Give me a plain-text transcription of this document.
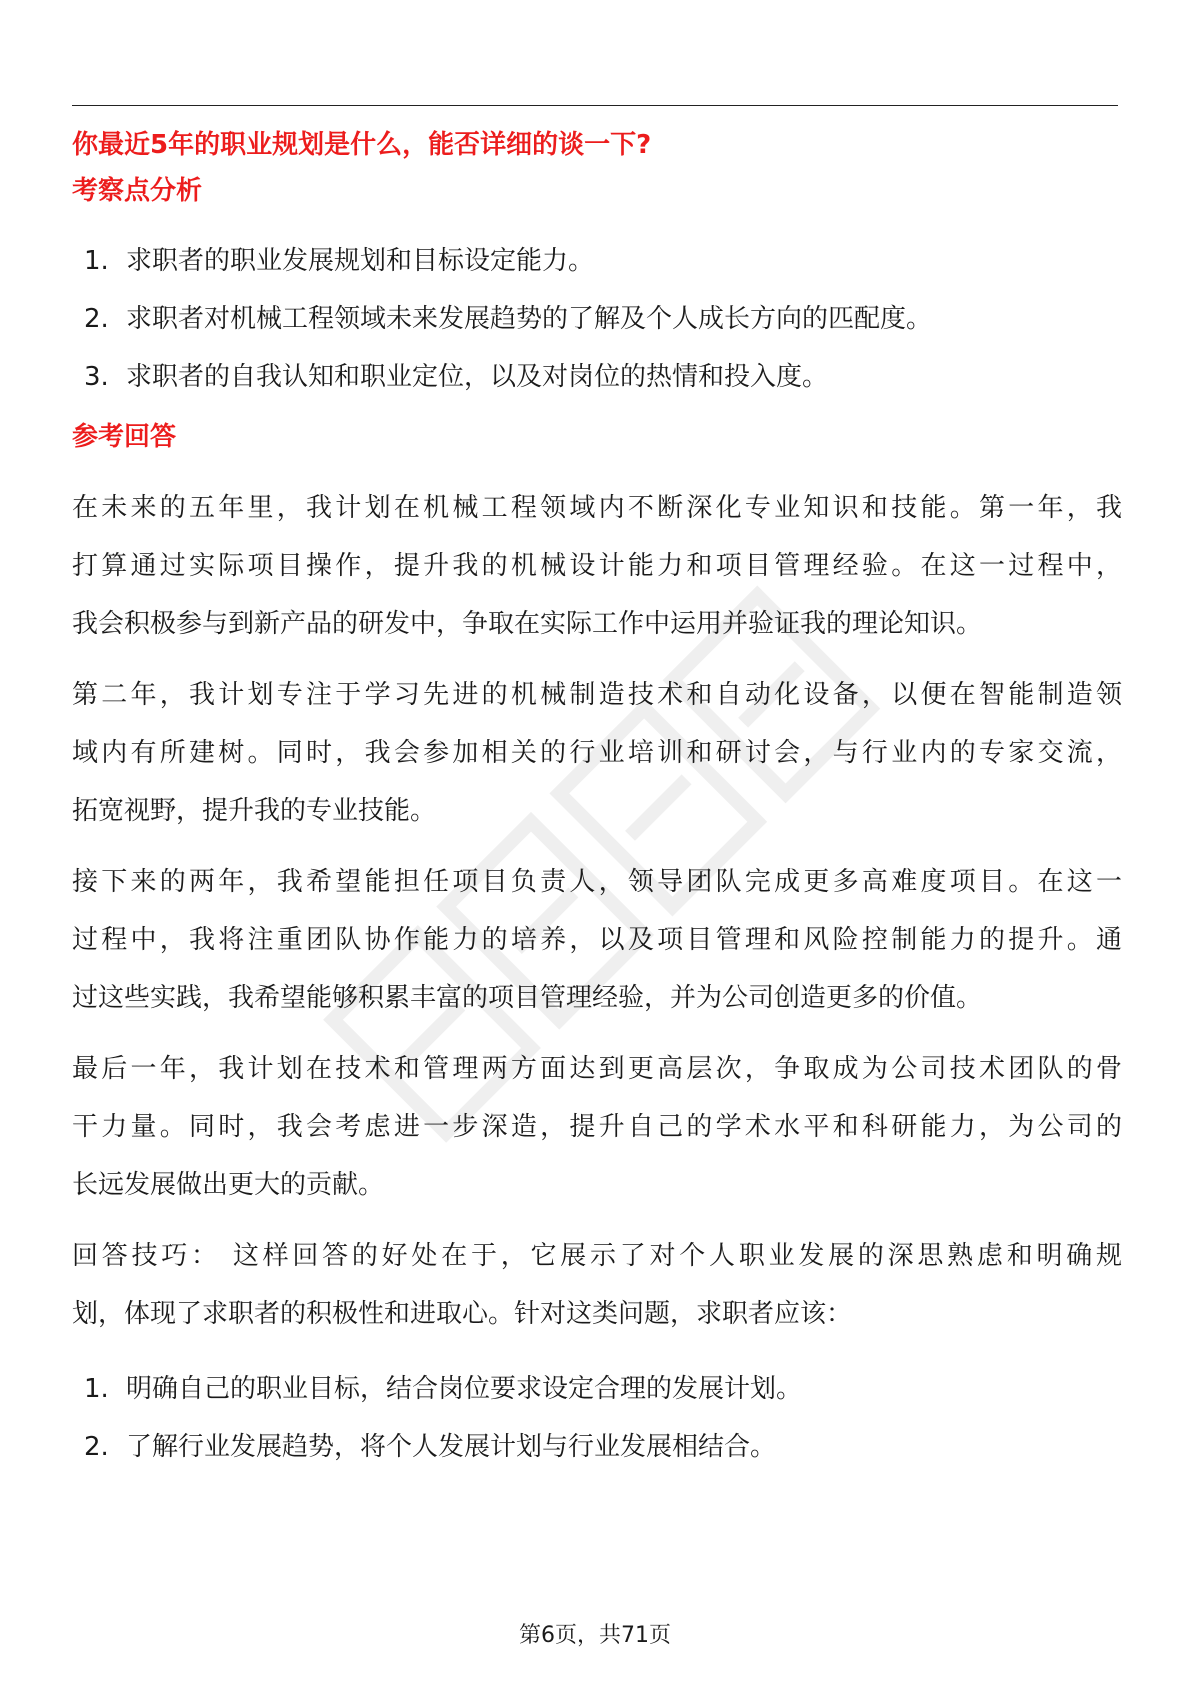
你最近5年的职业规划是什么，能否详细的谈一下?
考察点分析
1. 求职者的职业发展规划和目标设定能力。
2. 求职者对机械工程领域未来发展趋势的了解及个人成长方向的匹配度。
3. 求职者的自我认知和职业定位，以及对岗位的热情和投入度。
参考回答
在未来的五年里，我计划在机械工程领域内不断深化专业知识和技能。第一年，我
打算通过实际项目操作，提升我的机械设计能力和项目管理经验。在这一过程中，
我会积极参与到新产品的研发中，争取在实际工作中运用并验证我的理论知识。
第二年，我计划专注于学习先进的机械制造技术和自动化设备，以便在智能制造领
域内有所建树。同时，我会参加相关的行业培训和研讨会，与行业内的专家交流，
拓宽视野，提升我的专业技能。
接下来的两年，我希望能担任项目负责人，领导团队完成更多高难度项目。在这一
过程中，我将注重团队协作能力的培养，以及项目管理和风险控制能力的提升。通
过这些实践，我希望能够积累丰富的项目管理经验，并为公司创造更多的价值。
最后一年，我计划在技术和管理两方面达到更高层次，争取成为公司技术团队的骨
干力量。同时，我会考虑进一步深造，提升自己的学术水平和科研能力，为公司的
长远发展做出更大的贡献。
回答技巧： 这样回答的好处在于，它展示了对个人职业发展的深思熟虑和明确规
划，体现了求职者的积极性和进取心。针对这类问题，求职者应该：
1. 明确自己的职业目标，结合岗位要求设定合理的发展计划。
2. 了解行业发展趋势，将个人发展计划与行业发展相结合。
第6页，共71页
